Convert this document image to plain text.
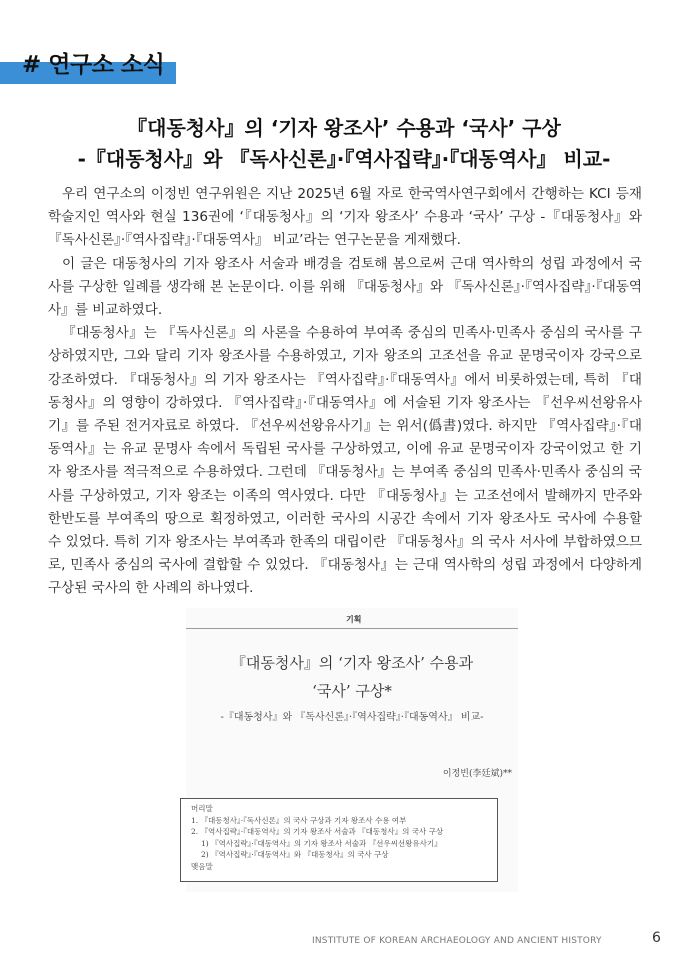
# 연구소 소식
『대동청사』의 ‘기자 왕조사’ 수용과 ‘국사’ 구상
-『대동청사』와 『독사신론』·『역사집략』·『대동역사』 비교-

우리 연구소의 이정빈 연구위원은 지난 2025년 6월 자로 한국역사연구회에서 간행하는 KCI 등재학술지인 역사와 현실 136권에 ‘『대동청사』의 ‘기자 왕조사’ 수용과 ‘국사’ 구상 -『대동청사』와 『독사신론』·『역사집략』·『대동역사』 비교’라는 연구논문을 게재했다.

이 글은 대동청사의 기자 왕조사 서술과 배경을 검토해 봄으로써 근대 역사학의 성립 과정에서 국사를 구상한 일례를 생각해 본 논문이다. 이를 위해 『대동청사』와 『독사신론』·『역사집략』·『대동역사』를 비교하였다.

『대동청사』는 『독사신론』의 사론을 수용하여 부여족 중심의 민족사·민족사 중심의 국사를 구상하였지만, 그와 달리 기자 왕조사를 수용하였고, 기자 왕조의 고조선을 유교 문명국이자 강국으로 강조하였다. 『대동청사』의 기자 왕조사는 『역사집략』·『대동역사』에서 비롯하였는데, 특히 『대동청사』의 영향이 강하였다. 『역사집략』·『대동역사』에 서술된 기자 왕조사는 『선우씨선왕유사기』를 주된 전거자료로 하였다. 『선우씨선왕유사기』는 위서(僞書)였다. 하지만 『역사집략』·『대동역사』는 유교 문명사 속에서 독립된 국사를 구상하였고, 이에 유교 문명국이자 강국이었고 한 기자 왕조사를 적극적으로 수용하였다. 그런데 『대동청사』는 부여족 중심의 민족사·민족사 중심의 국사를 구상하였고, 기자 왕조는 이족의 역사였다. 다만 『대동청사』는 고조선에서 발해까지 만주와 한반도를 부여족의 땅으로 획정하였고, 이러한 국사의 시공간 속에서 기자 왕조사도 국사에 수용할 수 있었다. 특히 기자 왕조사는 부여족과 한족의 대립이란 『대동청사』의 국사 서사에 부합하였으므로, 민족사 중심의 국사에 결합할 수 있었다. 『대동청사』는 근대 역사학의 성립 과정에서 다양하게 구상된 국사의 한 사례의 하나였다.

기획
『대동청사』의 ‘기자 왕조사’ 수용과
‘국사’ 구상*
-『대동청사』와 『독사신론』·『역사집략』·『대동역사』 비교-
이정빈(李廷斌)**
머리말
1. 『대동청사』·『독사신론』의 국사 구상과 기자 왕조사 수용 여부
2. 『역사집략』·『대동역사』의 기자 왕조사 서술과 『대동청사』의 국사 구상
1) 『역사집략』·『대동역사』의 기자 왕조사 서술과 『선우씨선왕유사기』
2) 『역사집략』·『대동역사』와 『대동청사』의 국사 구상
맺음말
INSTITUTE OF KOREAN ARCHAEOLOGY AND ANCIENT HISTORY	6
